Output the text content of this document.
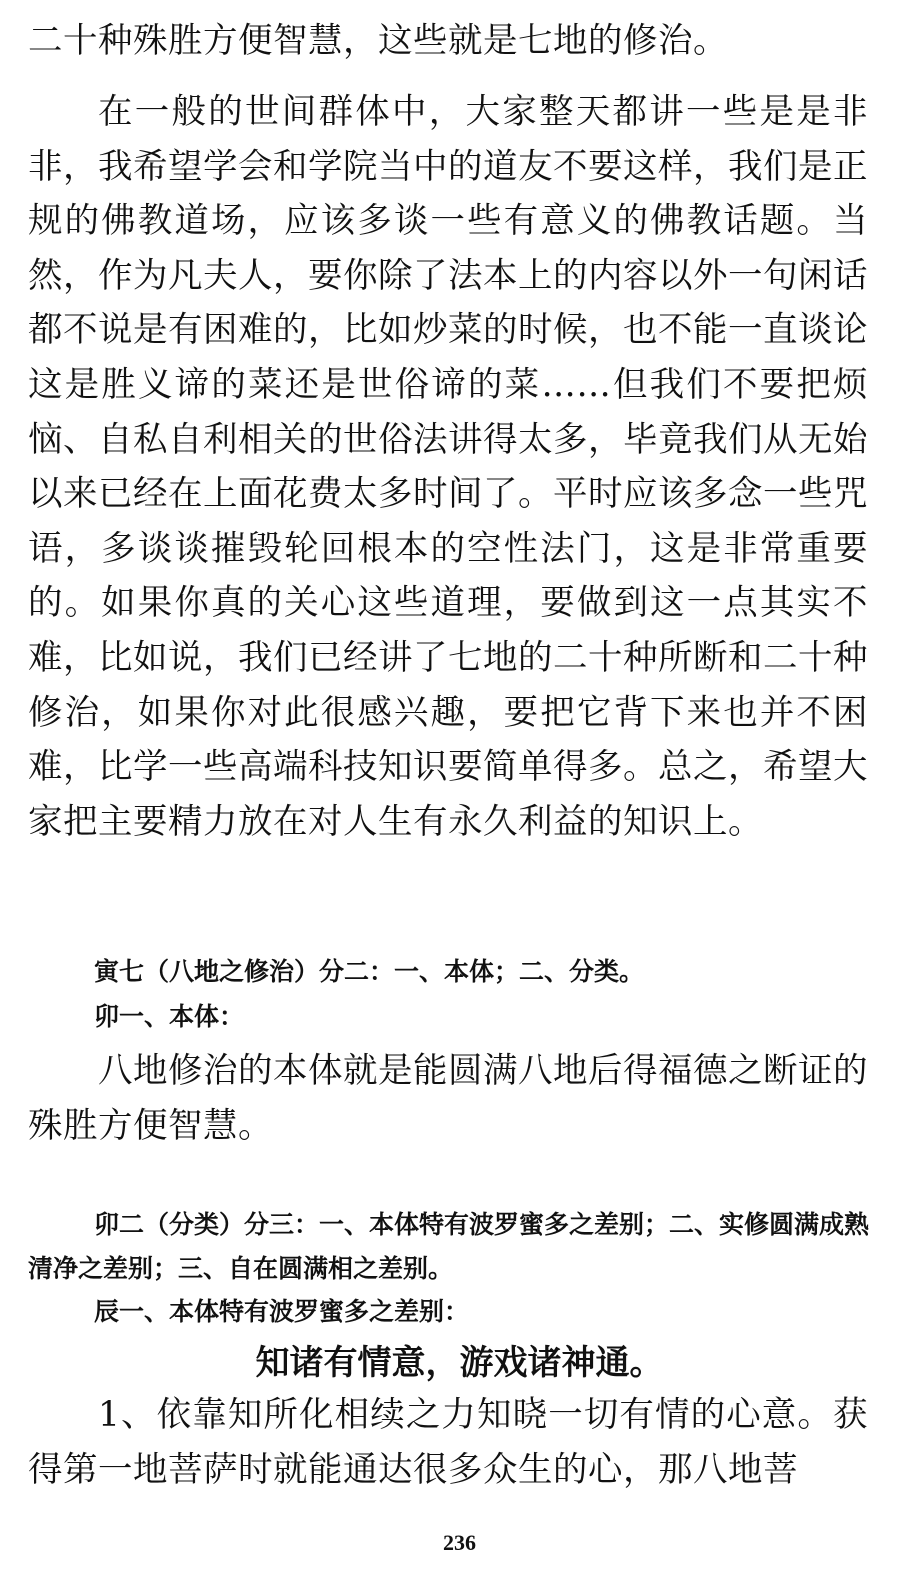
二十种殊胜方便智慧，这些就是七地的修治。

在一般的世间群体中，大家整天都讲一些是是非非，我希望学会和学院当中的道友不要这样，我们是正规的佛教道场，应该多谈一些有意义的佛教话题。当然，作为凡夫人，要你除了法本上的内容以外一句闲话都不说是有困难的，比如炒菜的时候，也不能一直谈论这是胜义谛的菜还是世俗谛的菜……但我们不要把烦恼、自私自利相关的世俗法讲得太多，毕竟我们从无始以来已经在上面花费太多时间了。平时应该多念一些咒语，多谈谈摧毁轮回根本的空性法门，这是非常重要的。如果你真的关心这些道理，要做到这一点其实不难，比如说，我们已经讲了七地的二十种所断和二十种修治，如果你对此很感兴趣，要把它背下来也并不困难，比学一些高端科技知识要简单得多。总之，希望大家把主要精力放在对人生有永久利益的知识上。

寅七（八地之修治）分二：一、本体；二、分类。

卯一、本体：

八地修治的本体就是能圆满八地后得福德之断证的殊胜方便智慧。

卯二（分类）分三：一、本体特有波罗蜜多之差别；二、实修圆满成熟清净之差别；三、自在圆满相之差别。

辰一、本体特有波罗蜜多之差别：

知诸有情意，游戏诸神通。

1、依靠知所化相续之力知晓一切有情的心意。获得第一地菩萨时就能通达很多众生的心，那八地菩

236
